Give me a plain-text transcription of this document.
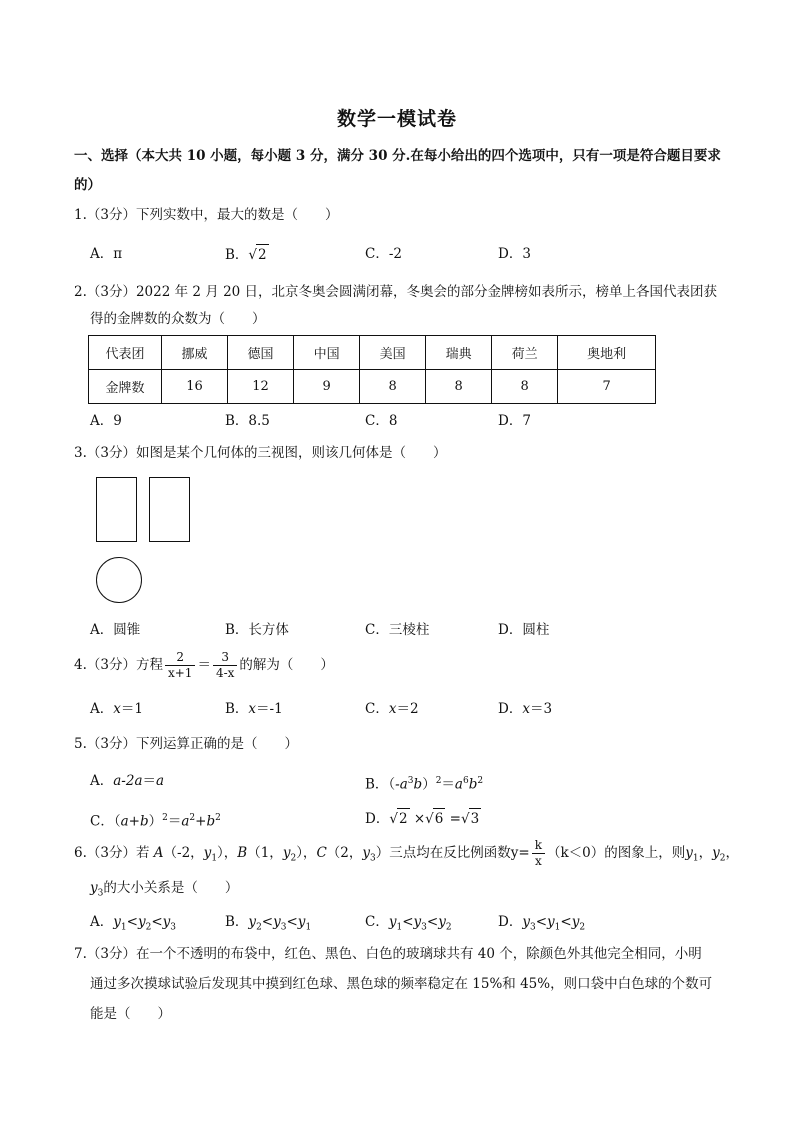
数学一模试卷
一、选择（本大共 10 小题，每小题 3 分，满分 30 分.在每小给出的四个选项中，只有一项是符合题目要求
的）
1.（3分）下列实数中，最大的数是（　　）
A．π	B．√2	C．-2	D．3
2.（3分）2022 年 2 月 20 日，北京冬奥会圆满闭幕，冬奥会的部分金牌榜如表所示，榜单上各国代表团获
得的金牌数的众数为（　　）
代表团	挪威	德国	中国	美国	瑞典	荷兰	奥地利
金牌数	16	12	9	8	8	8	7
A．9	B．8.5	C．8	D．7
3.（3分）如图是某个几何体的三视图，则该几何体是（　　）
A．圆锥	B．长方体	C．三棱柱	D．圆柱
4.（3分）方程 $\frac{2}{x+1} = \frac{3}{4-x}$ 的解为（　　）
A．x＝1	B．x＝-1	C．x＝2	D．x＝3
5.（3分）下列运算正确的是（　　）
A．a-2a＝a	B．$(-a^3b)^2=a^6b^2$
C．$(a+b)^2=a^2+b^2$	D．√2 ×√6 =√3
6.（3分）若 A（-2，$y_1$），B（1，$y_2$），C（2，$y_3$）三点均在反比例函数$y= \frac{k}{x} (k<0)$的图象上，则$y_1$，$y_2$，
$y_3$的大小关系是（　　）
A．$y_1<y_2<y_3$	B．$y_2<y_3<y_1$	C．$y_1<y_3<y_2$	D．$y_3<y_1<y_2$
7.（3分）在一个不透明的布袋中，红色、黑色、白色的玻璃球共有 40 个，除颜色外其他完全相同，小明
通过多次摸球试验后发现其中摸到红色球、黑色球的频率稳定在 15%和 45%，则口袋中白色球的个数可
能是（　　）
